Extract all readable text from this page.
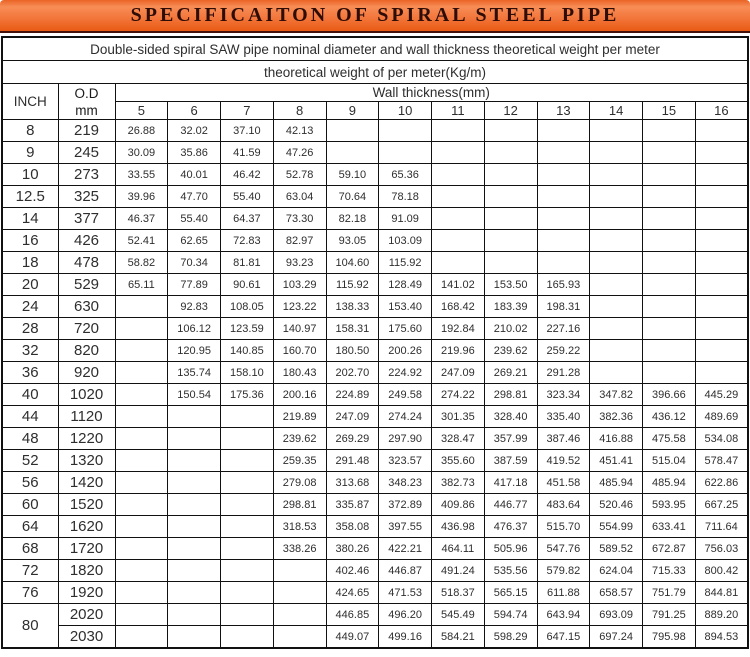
SPECIFICAITON OF SPIRAL STEEL PIPE
Double-sided spiral SAW pipe nominal diameter and wall thickness theoretical weight per meter													
theoretical weight of per meter(Kg/m)													
INCH	O.D
mm	Wall thickness(mm)											
		5	6	7	8	9	10	11	12	13	14	15	16
8	219	26.88	32.02	37.10	42.13								
9	245	30.09	35.86	41.59	47.26								
10	273	33.55	40.01	46.42	52.78	59.10	65.36						
12.5	325	39.96	47.70	55.40	63.04	70.64	78.18						
14	377	46.37	55.40	64.37	73.30	82.18	91.09						
16	426	52.41	62.65	72.83	82.97	93.05	103.09						
18	478	58.82	70.34	81.81	93.23	104.60	115.92						
20	529	65.11	77.89	90.61	103.29	115.92	128.49	141.02	153.50	165.93			
24	630		92.83	108.05	123.22	138.33	153.40	168.42	183.39	198.31			
28	720		106.12	123.59	140.97	158.31	175.60	192.84	210.02	227.16			
32	820		120.95	140.85	160.70	180.50	200.26	219.96	239.62	259.22			
36	920		135.74	158.10	180.43	202.70	224.92	247.09	269.21	291.28			
40	1020		150.54	175.36	200.16	224.89	249.58	274.22	298.81	323.34	347.82	396.66	445.29
44	1120				219.89	247.09	274.24	301.35	328.40	335.40	382.36	436.12	489.69
48	1220				239.62	269.29	297.90	328.47	357.99	387.46	416.88	475.58	534.08
52	1320				259.35	291.48	323.57	355.60	387.59	419.52	451.41	515.04	578.47
56	1420				279.08	313.68	348.23	382.73	417.18	451.58	485.94	485.94	622.86
60	1520				298.81	335.87	372.89	409.86	446.77	483.64	520.46	593.95	667.25
64	1620				318.53	358.08	397.55	436.98	476.37	515.70	554.99	633.41	711.64
68	1720				338.26	380.26	422.21	464.11	505.96	547.76	589.52	672.87	756.03
72	1820					402.46	446.87	491.24	535.56	579.82	624.04	715.33	800.42
76	1920					424.65	471.53	518.37	565.15	611.88	658.57	751.79	844.81
80	2020					446.85	496.20	545.49	594.74	643.94	693.09	791.25	889.20
	2030					449.07	499.16	584.21	598.29	647.15	697.24	795.98	894.53
